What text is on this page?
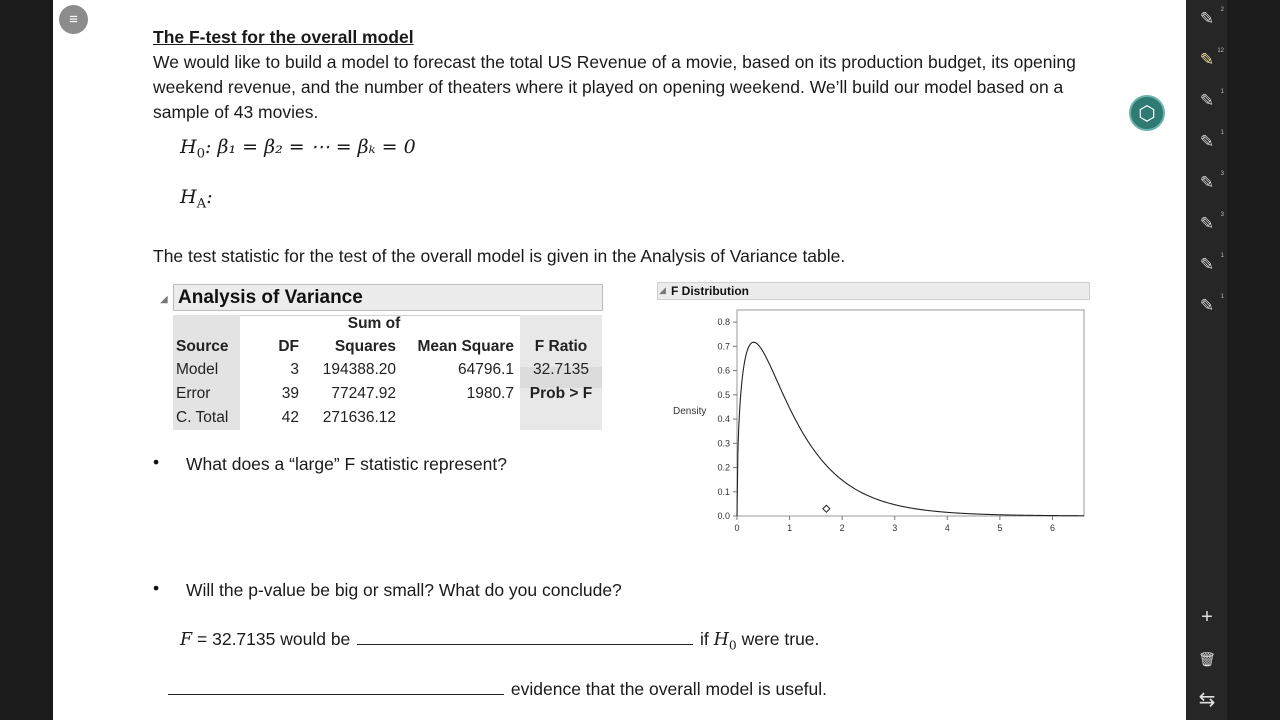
≡
The F-test for the overall model
We would like to build a model to forecast the total US Revenue of a movie, based on its production budget, its opening weekend revenue, and the number of theaters where it played on opening weekend. We’ll build our model based on a sample of 43 movies.
$H_0$: β₁ = β₂ = ⋯ = βₖ = 0
$H_A$:
The test statistic for the test of the overall model is given in the Analysis of Variance table.
◢ Analysis of Variance
Sum of
Source	DF	Squares	Mean Square	F Ratio
Model	3	194388.20	64796.1	32.7135
Error	39	77247.92	1980.7	Prob > F
C. Total	42	271636.12
F Distribution
◢
0.0
0.1
0.2
0.3
0.4
0.5
0.6
0.7
0.8
0	1	2	3	4	5	6
Density
• What does a “large” F statistic represent?
• Will the p-value be big or small? What do you conclude?
F = 32.7135 would be	if $H_0$ were true.
evidence that the overall model is useful.
⬡
✎ 2
✎ 12
✎ 1
✎ 1
✎ 3
✎ 3
✎ 1
✎ 1
+
🗑
⇆
